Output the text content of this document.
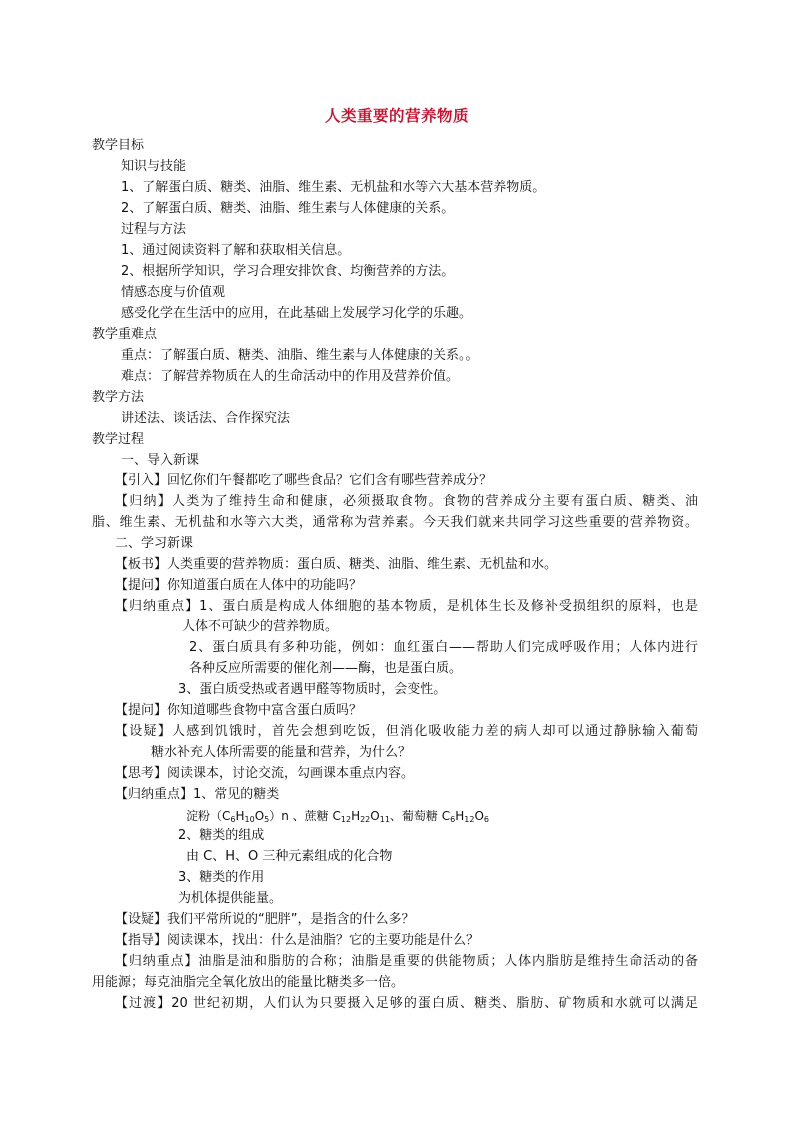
人类重要的营养物质
教学目标
知识与技能
1、了解蛋白质、糖类、油脂、维生素、无机盐和水等六大基本营养物质。
2、了解蛋白质、糖类、油脂、维生素与人体健康的关系。
过程与方法
1、通过阅读资料了解和获取相关信息。
2、根据所学知识，学习合理安排饮食、均衡营养的方法。
情感态度与价值观
感受化学在生活中的应用，在此基础上发展学习化学的乐趣。
教学重难点
重点：了解蛋白质、糖类、油脂、维生素与人体健康的关系。。
难点：了解营养物质在人的生命活动中的作用及营养价值。
教学方法
讲述法、谈话法、合作探究法
教学过程
一、导入新课
【引入】回忆你们午餐都吃了哪些食品？它们含有哪些营养成分？
【归纳】人类为了维持生命和健康，必须摄取食物。食物的营养成分主要有蛋白质、糖类、油
脂、维生素、无机盐和水等六大类，通常称为营养素。今天我们就来共同学习这些重要的营养物资。
二、学习新课
【板书】人类重要的营养物质：蛋白质、糖类、油脂、维生素、无机盐和水。
【提问】你知道蛋白质在人体中的功能吗？
【归纳重点】1、蛋白质是构成人体细胞的基本物质，是机体生长及修补受损组织的原料，也是
人体不可缺少的营养物质。
2、蛋白质具有多种功能，例如：血红蛋白——帮助人们完成呼吸作用；人体内进行
各种反应所需要的催化剂——酶，也是蛋白质。
3、蛋白质受热或者遇甲醛等物质时，会变性。
【提问】你知道哪些食物中富含蛋白质吗？
【设疑】人感到饥饿时，首先会想到吃饭，但消化吸收能力差的病人却可以通过静脉输入葡萄
糖水补充人体所需要的能量和营养，为什么？
【思考】阅读课本，讨论交流，勾画课本重点内容。
【归纳重点】1、常见的糖类
淀粉$(C_6H_{10}O_5)n$ 、蔗糖 $C_{12}H_{22}O_{11}$、葡萄糖 $C_6H_{12}O_6$
2、糖类的组成
由 C、H、O 三种元素组成的化合物
3、糖类的作用
为机体提供能量。
【设疑】我们平常所说的“肥胖”，是指含的什么多？
【指导】阅读课本，找出：什么是油脂？它的主要功能是什么？
【归纳重点】油脂是油和脂肪的合称；油脂是重要的供能物质；人体内脂肪是维持生命活动的备
用能源；每克油脂完全氧化放出的能量比糖类多一倍。
【过渡】20 世纪初期，人们认为只要摄入足够的蛋白质、糖类、脂肪、矿物质和水就可以满足
